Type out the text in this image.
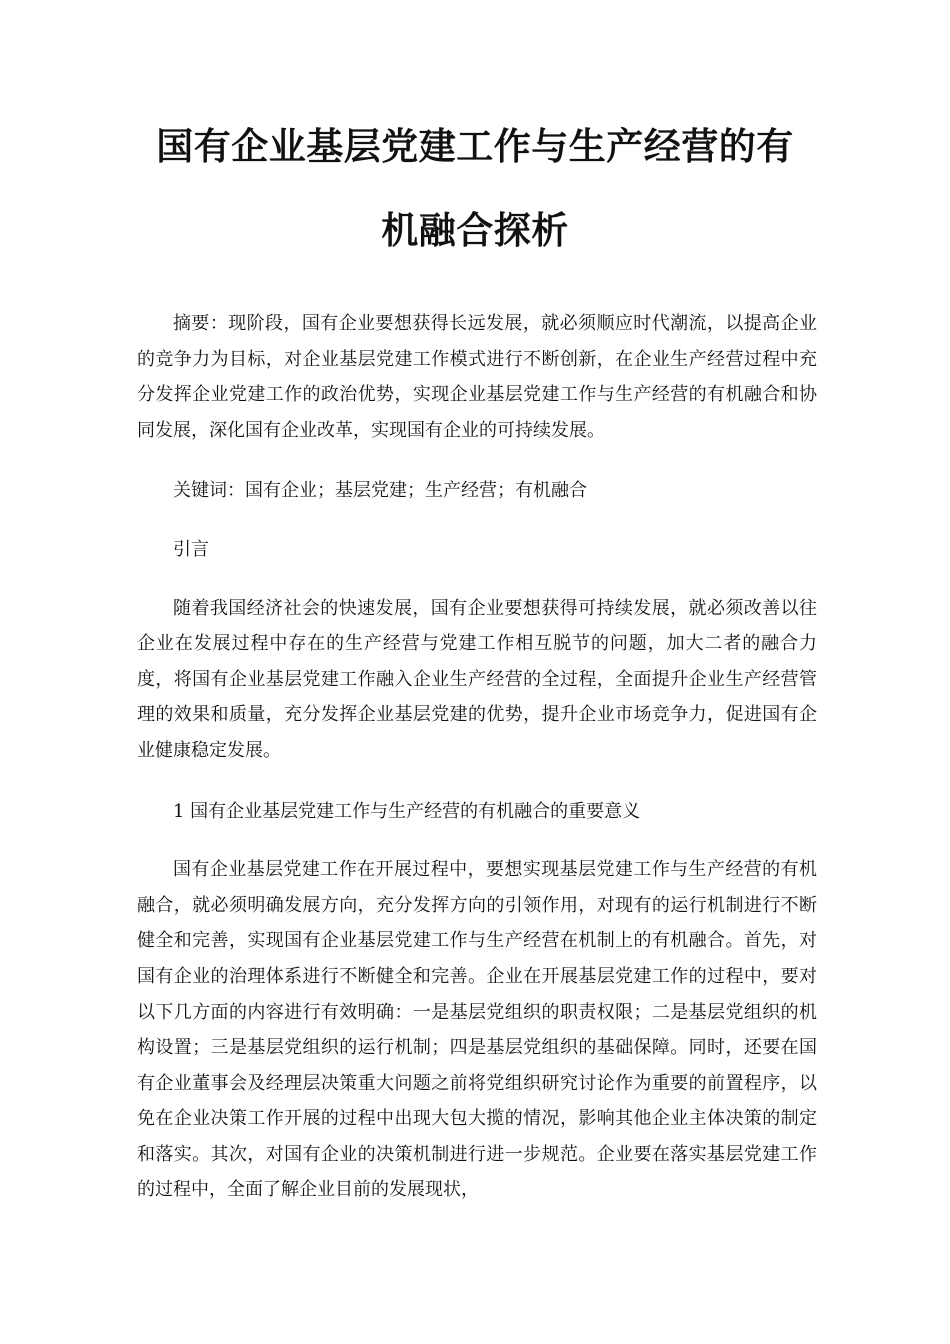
国有企业基层党建工作与生产经营的有
机融合探析

摘要：现阶段，国有企业要想获得长远发展，就必须顺应时代潮流，以提高企业的竞争力为目标，对企业基层党建工作模式进行不断创新，在企业生产经营过程中充分发挥企业党建工作的政治优势，实现企业基层党建工作与生产经营的有机融合和协同发展，深化国有企业改革，实现国有企业的可持续发展。

关键词：国有企业；基层党建；生产经营；有机融合

引言

随着我国经济社会的快速发展，国有企业要想获得可持续发展，就必须改善以往企业在发展过程中存在的生产经营与党建工作相互脱节的问题，加大二者的融合力度，将国有企业基层党建工作融入企业生产经营的全过程，全面提升企业生产经营管理的效果和质量，充分发挥企业基层党建的优势，提升企业市场竞争力，促进国有企业健康稳定发展。

1 国有企业基层党建工作与生产经营的有机融合的重要意义

国有企业基层党建工作在开展过程中，要想实现基层党建工作与生产经营的有机融合，就必须明确发展方向，充分发挥方向的引领作用，对现有的运行机制进行不断健全和完善，实现国有企业基层党建工作与生产经营在机制上的有机融合。首先，对国有企业的治理体系进行不断健全和完善。企业在开展基层党建工作的过程中，要对以下几方面的内容进行有效明确：一是基层党组织的职责权限；二是基层党组织的机构设置；三是基层党组织的运行机制；四是基层党组织的基础保障。同时，还要在国有企业董事会及经理层决策重大问题之前将党组织研究讨论作为重要的前置程序，以免在企业决策工作开展的过程中出现大包大揽的情况，影响其他企业主体决策的制定和落实。其次，对国有企业的决策机制进行进一步规范。企业要在落实基层党建工作的过程中，全面了解企业目前的发展现状，
